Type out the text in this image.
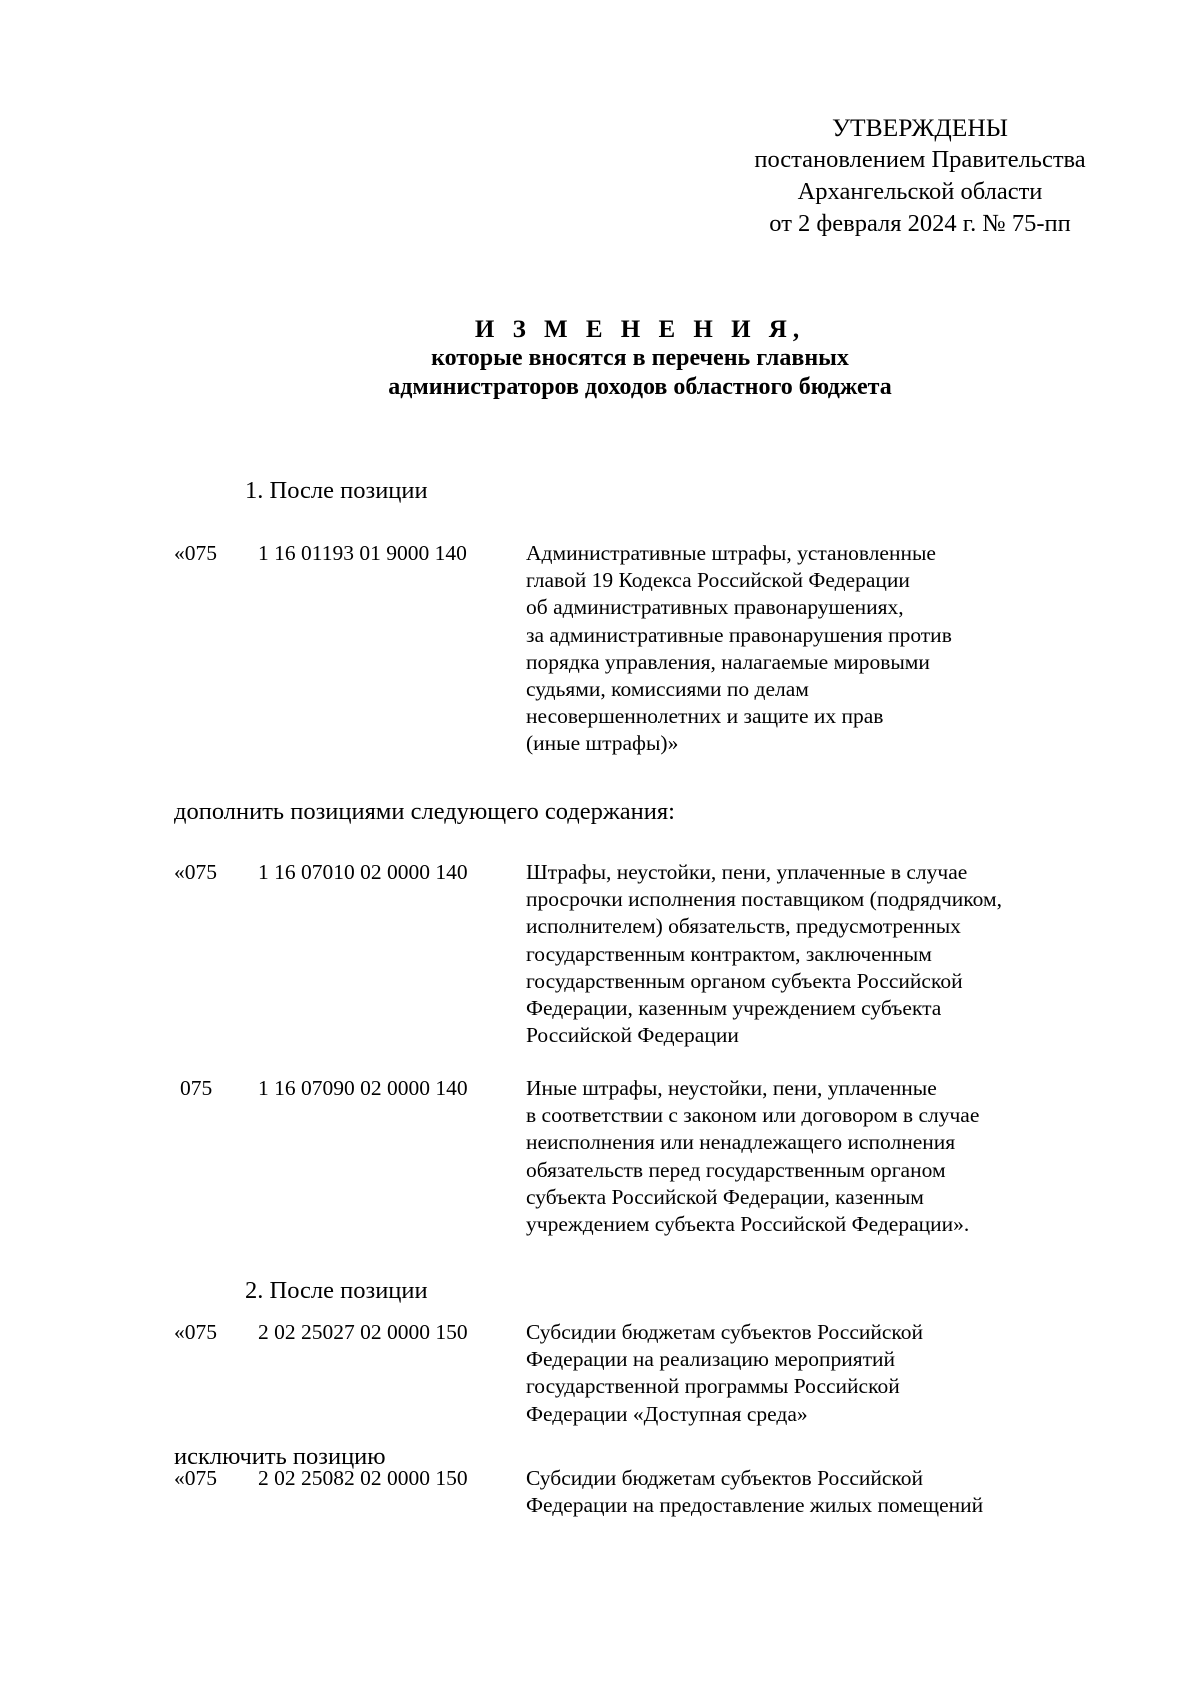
УТВЕРЖДЕНЫ
постановлением Правительства
Архангельской области
от 2 февраля 2024 г. № 75-пп
И З М Е Н Е Н И Я,
которые вносятся в перечень главных
администраторов доходов областного бюджета
1. После позиции
«075 1 16 01193 01 9000 140	Административные штрафы, установленные
главой 19 Кодекса Российской Федерации
об административных правонарушениях,
за административные правонарушения против
порядка управления, налагаемые мировыми
судьями, комиссиями по делам
несовершеннолетних и защите их прав
(иные штрафы)»
дополнить позициями следующего содержания:
«075 1 16 07010 02 0000 140	Штрафы, неустойки, пени, уплаченные в случае
просрочки исполнения поставщиком (подрядчиком,
исполнителем) обязательств, предусмотренных
государственным контрактом, заключенным
государственным органом субъекта Российской
Федерации, казенным учреждением субъекта
Российской Федерации
075 1 16 07090 02 0000 140	Иные штрафы, неустойки, пени, уплаченные
в соответствии с законом или договором в случае
неисполнения или ненадлежащего исполнения
обязательств перед государственным органом
субъекта Российской Федерации, казенным
учреждением субъекта Российской Федерации».
2. После позиции
«075 2 02 25027 02 0000 150	Субсидии бюджетам субъектов Российской
Федерации на реализацию мероприятий
государственной программы Российской
Федерации «Доступная среда»
исключить позицию
«075 2 02 25082 02 0000 150	Субсидии бюджетам субъектов Российской
Федерации на предоставление жилых помещений
